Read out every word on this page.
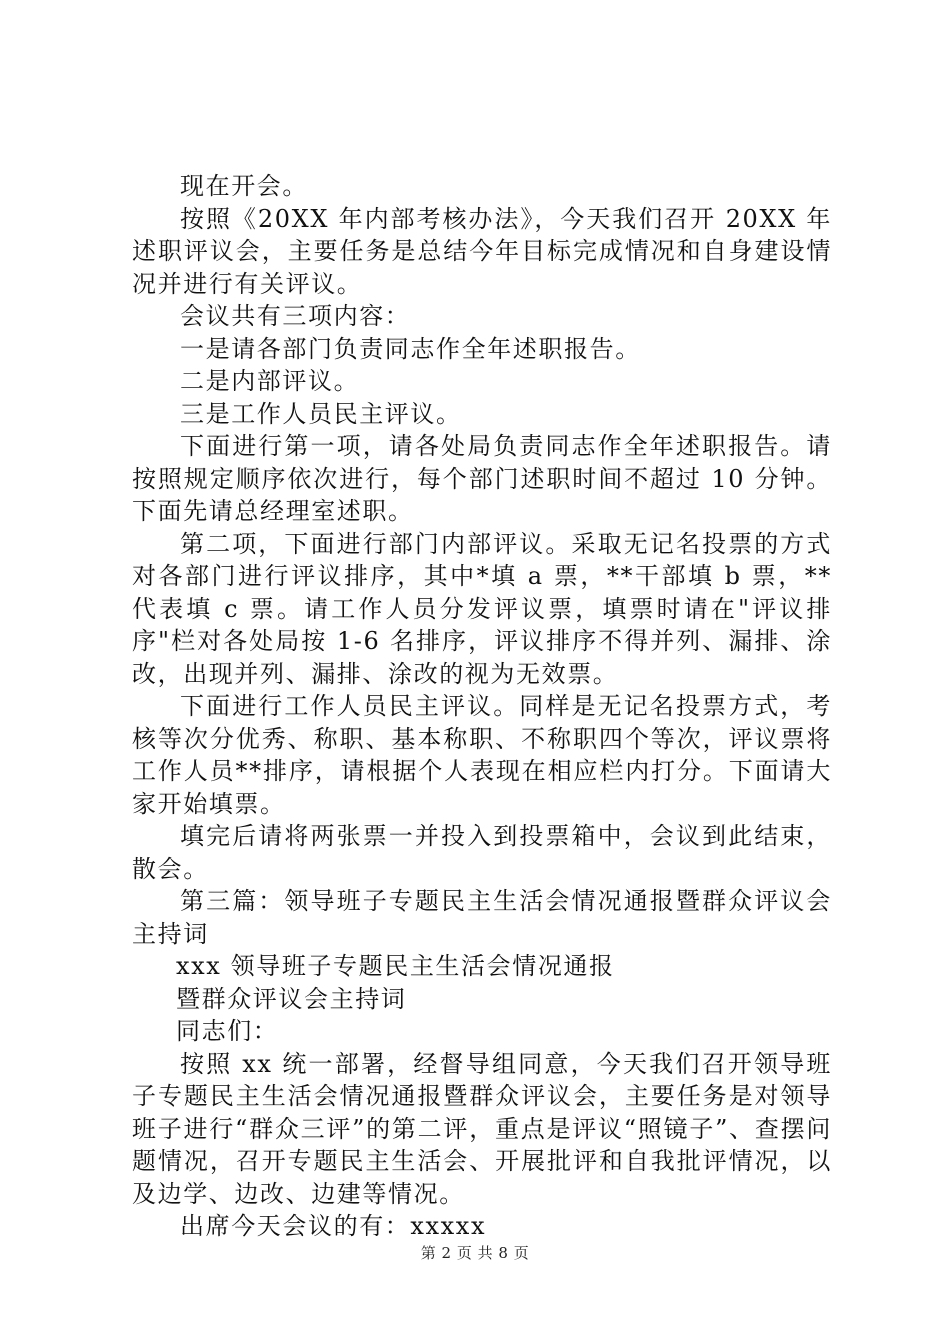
现在开会。

按照《20XX 年内部考核办法》，今天我们召开 20XX 年述职评议会，主要任务是总结今年目标完成情况和自身建设情况并进行有关评议。

会议共有三项内容：

一是请各部门负责同志作全年述职报告。

二是内部评议。

三是工作人员民主评议。

下面进行第一项，请各处局负责同志作全年述职报告。请按照规定顺序依次进行，每个部门述职时间不超过 10 分钟。下面先请总经理室述职。

第二项，下面进行部门内部评议。采取无记名投票的方式对各部门进行评议排序，其中*填 a 票，**干部填 b 票，**代表填 c 票。请工作人员分发评议票，填票时请在"评议排序"栏对各处局按 1-6 名排序，评议排序不得并列、漏排、涂改，出现并列、漏排、涂改的视为无效票。

下面进行工作人员民主评议。同样是无记名投票方式，考核等次分优秀、称职、基本称职、不称职四个等次，评议票将工作人员**排序，请根据个人表现在相应栏内打分。下面请大家开始填票。

填完后请将两张票一并投入到投票箱中，会议到此结束，散会。

第三篇：领导班子专题民主生活会情况通报暨群众评议会主持词

xxx 领导班子专题民主生活会情况通报

暨群众评议会主持词

同志们：

按照 xx 统一部署，经督导组同意，今天我们召开领导班子专题民主生活会情况通报暨群众评议会，主要任务是对领导班子进行“群众三评”的第二评，重点是评议“照镜子”、查摆问题情况，召开专题民主生活会、开展批评和自我批评情况，以及边学、边改、边建等情况。

出席今天会议的有：xxxxx

第 2 页 共 8 页
